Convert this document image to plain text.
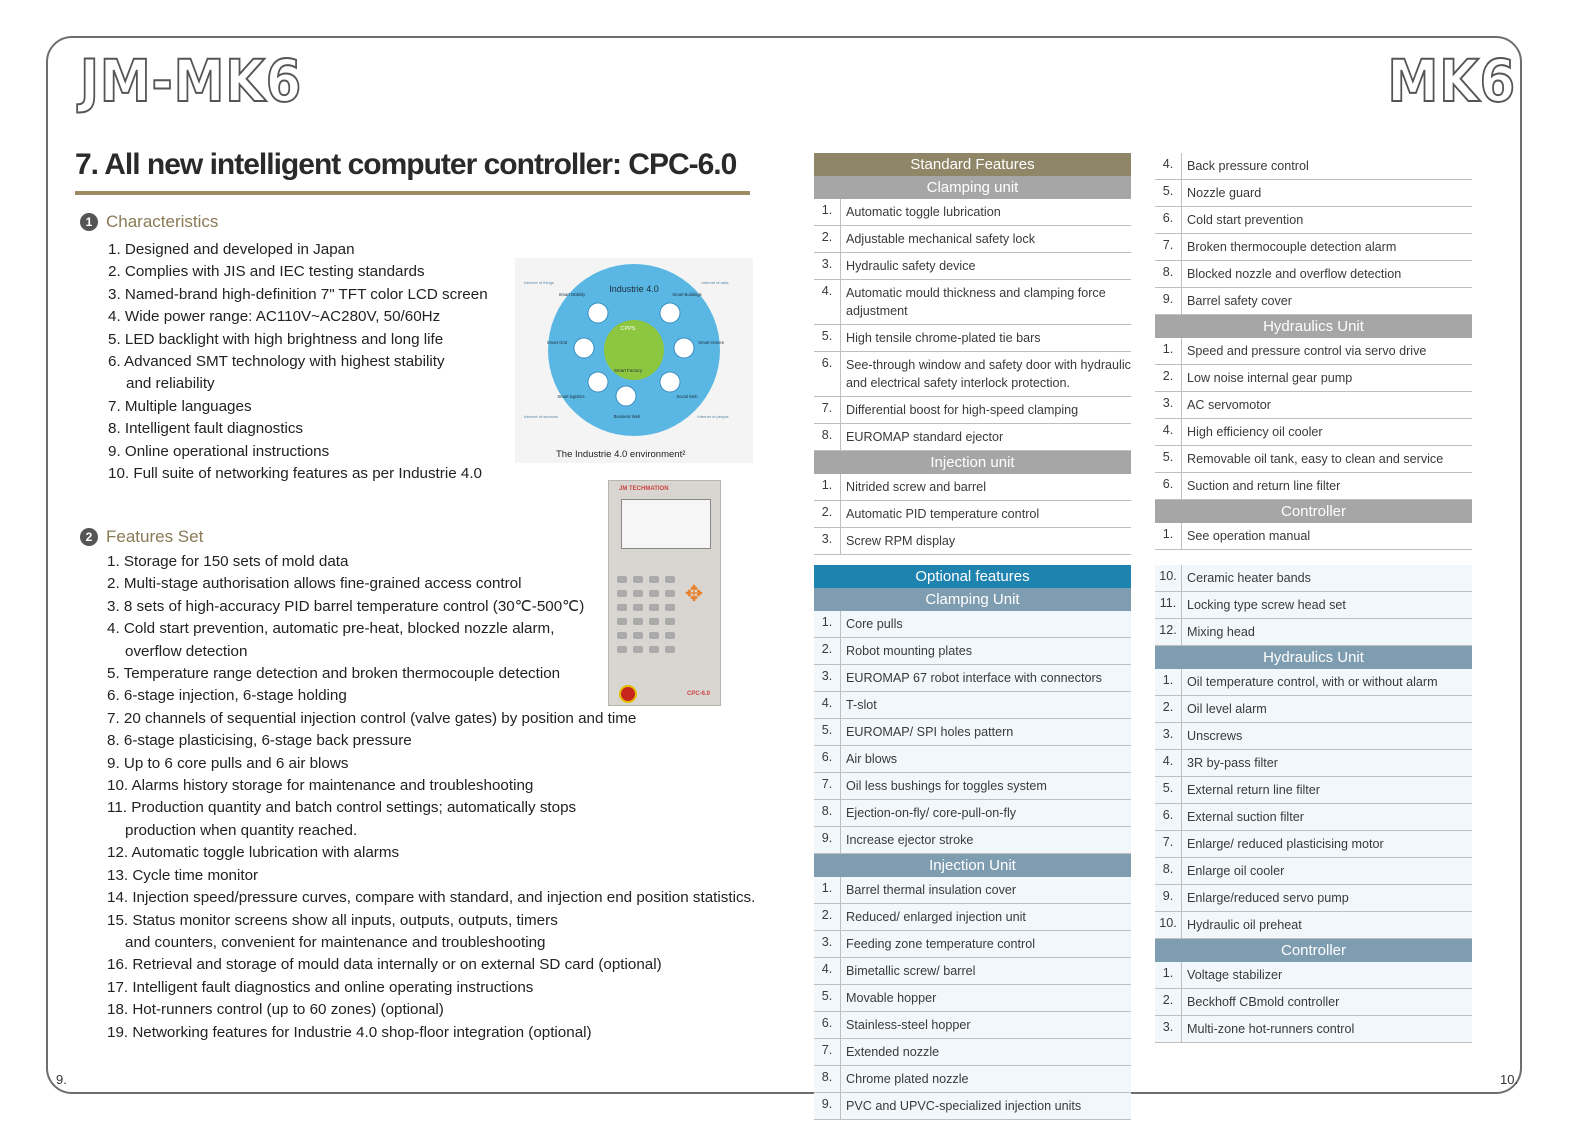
JM-MK6	MK6
7. All new intelligent computer controller: CPC-6.0
1 Characteristics
1. Designed and developed in Japan
2. Complies with JIS and IEC testing standards
3. Named-brand high-definition 7" TFT color LCD screen
4. Wide power range: AC110V~AC280V, 50/60Hz
5. LED backlight with high brightness and long life
6. Advanced SMT technology with highest stability
and reliability
7. Multiple languages
8. Intelligent fault diagnostics
9. Online operational instructions
10. Full suite of networking features as per Industrie 4.0
Industrie 4.0
CPPS
Smart Factory
Smart Mobility	Smart Buildings
Smart Grid	Smart Homes
Smart logistics
Business Web
Social Web
Internet of things	Internet of data
Internet of services	Internet of people
The Industrie 4.0 environment²
JM TECHMATION
✥
CPC-6.0
2 Features Set
1. Storage for 150 sets of mold data
2. Multi-stage authorisation allows fine-grained access control
3. 8 sets of high-accuracy PID barrel temperature control (30℃-500℃)
4. Cold start prevention, automatic pre-heat, blocked nozzle alarm,
overflow detection
5. Temperature range detection and broken thermocouple detection
6. 6-stage injection, 6-stage holding
7. 20 channels of sequential injection control (valve gates) by position and time
8. 6-stage plasticising, 6-stage back pressure
9. Up to 6 core pulls and 6 air blows
10. Alarms history storage for maintenance and troubleshooting
11. Production quantity and batch control settings; automatically stops
production when quantity reached.
12. Automatic toggle lubrication with alarms
13. Cycle time monitor
14. Injection speed/pressure curves, compare with standard, and injection end position statistics.
15. Status monitor screens show all inputs, outputs, outputs, timers
and counters, convenient for maintenance and troubleshooting
16. Retrieval and storage of mould data internally or on external SD card (optional)
17. Intelligent fault diagnostics and online operating instructions
18. Hot-runners control (up to 60 zones) (optional)
19. Networking features for Industrie 4.0 shop-floor integration (optional)
Standard Features
Clamping unit
1.	Automatic toggle lubrication
2.	Adjustable mechanical safety lock
3.	Hydraulic safety device
4.	Automatic mould thickness and clamping force adjustment
5.	High tensile chrome-plated tie bars
6.	See-through window and safety door with hydraulic and electrical safety interlock protection.
7.	Differential boost for high-speed clamping
8.	EUROMAP standard ejector
Injection unit
1.	Nitrided screw and barrel
2.	Automatic PID temperature control
3.	Screw RPM display
4.	Back pressure control
5.	Nozzle guard
6.	Cold start prevention
7.	Broken thermocouple detection alarm
8.	Blocked nozzle and overflow detection
9.	Barrel safety cover
Hydraulics Unit
1.	Speed and pressure control via servo drive
2.	Low noise internal gear pump
3.	AC servomotor
4.	High efficiency oil cooler
5.	Removable oil tank, easy to clean and service
6.	Suction and return line filter
Controller
1.	See operation manual
Optional features
Clamping Unit
1.	Core pulls
2.	Robot mounting plates
3.	EUROMAP 67 robot interface with connectors
4.	T-slot
5.	EUROMAP/ SPI holes pattern
6.	Air blows
7.	Oil less bushings for toggles system
8.	Ejection-on-fly/ core-pull-on-fly
9.	Increase ejector stroke
Injection Unit
1.	Barrel thermal insulation cover
2.	Reduced/ enlarged injection unit
3.	Feeding zone temperature control
4.	Bimetallic screw/ barrel
5.	Movable hopper
6.	Stainless-steel hopper
7.	Extended nozzle
8.	Chrome plated nozzle
9.	PVC and UPVC-specialized injection units
10. Ceramic heater bands
11. Locking type screw head set
12. Mixing head
Hydraulics Unit
1.	Oil temperature control, with or without alarm
2.	Oil level alarm
3.	Unscrews
4.	3R by-pass filter
5.	External return line filter
6.	External suction filter
7.	Enlarge/ reduced plasticising motor
8.	Enlarge oil cooler
9.	Enlarge/reduced servo pump
10. Hydraulic oil preheat
Controller
1.	Voltage stabilizer
2.	Beckhoff CBmold controller
3.	Multi-zone hot-runners control
9.	10.
